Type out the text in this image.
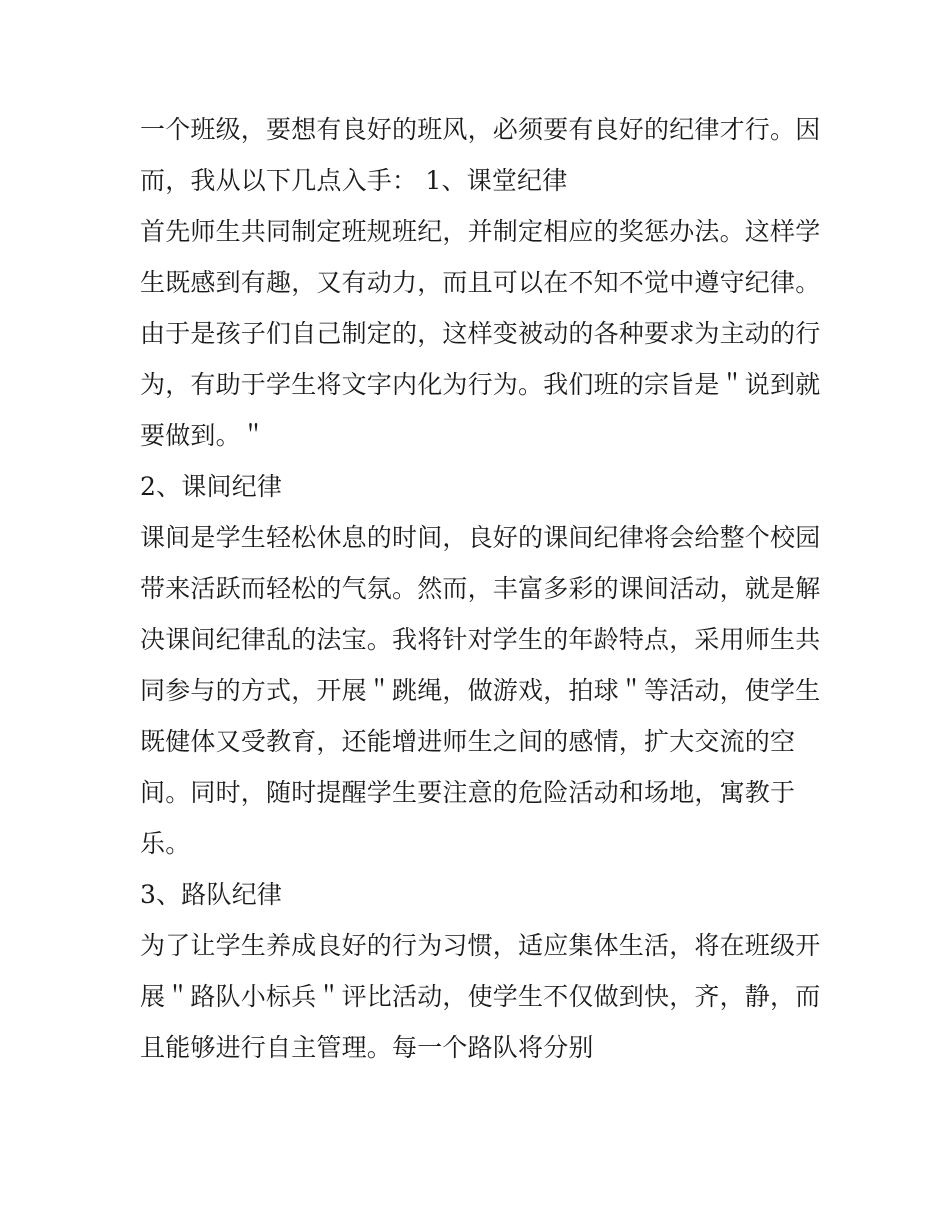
一个班级，要想有良好的班风，必须要有良好的纪律才行。因
而，我从以下几点入手： 1、课堂纪律
首先师生共同制定班规班纪，并制定相应的奖惩办法。这样学
生既感到有趣，又有动力，而且可以在不知不觉中遵守纪律。
由于是孩子们自己制定的，这样变被动的各种要求为主动的行
为，有助于学生将文字内化为行为。我们班的宗旨是＂说到就
要做到。＂
2、课间纪律
课间是学生轻松休息的时间，良好的课间纪律将会给整个校园
带来活跃而轻松的气氛。然而，丰富多彩的课间活动，就是解
决课间纪律乱的法宝。我将针对学生的年龄特点，采用师生共
同参与的方式，开展＂跳绳，做游戏，拍球＂等活动，使学生
既健体又受教育，还能增进师生之间的感情，扩大交流的空
间。同时，随时提醒学生要注意的危险活动和场地，寓教于
乐。
3、路队纪律
为了让学生养成良好的行为习惯，适应集体生活，将在班级开
展＂路队小标兵＂评比活动，使学生不仅做到快，齐，静，而
且能够进行自主管理。每一个路队将分别
